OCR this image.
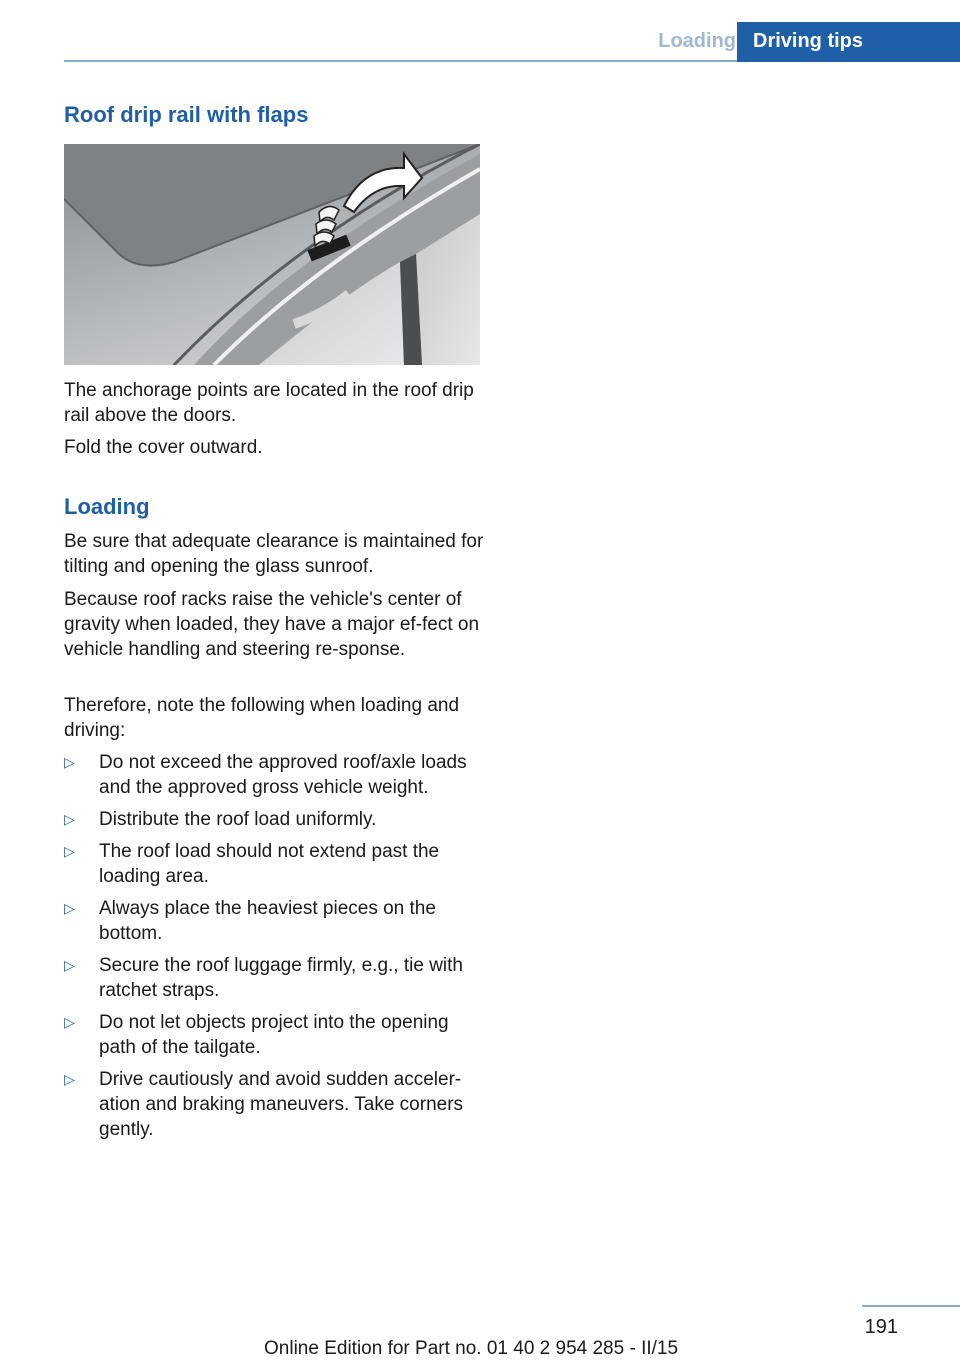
Loading Driving tips
Roof drip rail with flaps

The anchorage points are located in the roof drip rail above the doors.

Fold the cover outward.

Loading

Be sure that adequate clearance is maintained for tilting and opening the glass sunroof.

Because roof racks raise the vehicle's center of gravity when loaded, they have a major ef-fect on vehicle handling and steering re-sponse.

Therefore, note the following when loading and driving:

▷ Do not exceed the approved roof/axle loads and the approved gross vehicle weight.
▷ Distribute the roof load uniformly.
▷ The roof load should not extend past the loading area.
▷ Always place the heaviest pieces on the bottom.
▷ Secure the roof luggage firmly, e.g., tie with ratchet straps.
▷ Do not let objects project into the opening path of the tailgate.
▷ Drive cautiously and avoid sudden acceler-ation and braking maneuvers. Take corners gently.
191
Online Edition for Part no. 01 40 2 954 285 - II/15
